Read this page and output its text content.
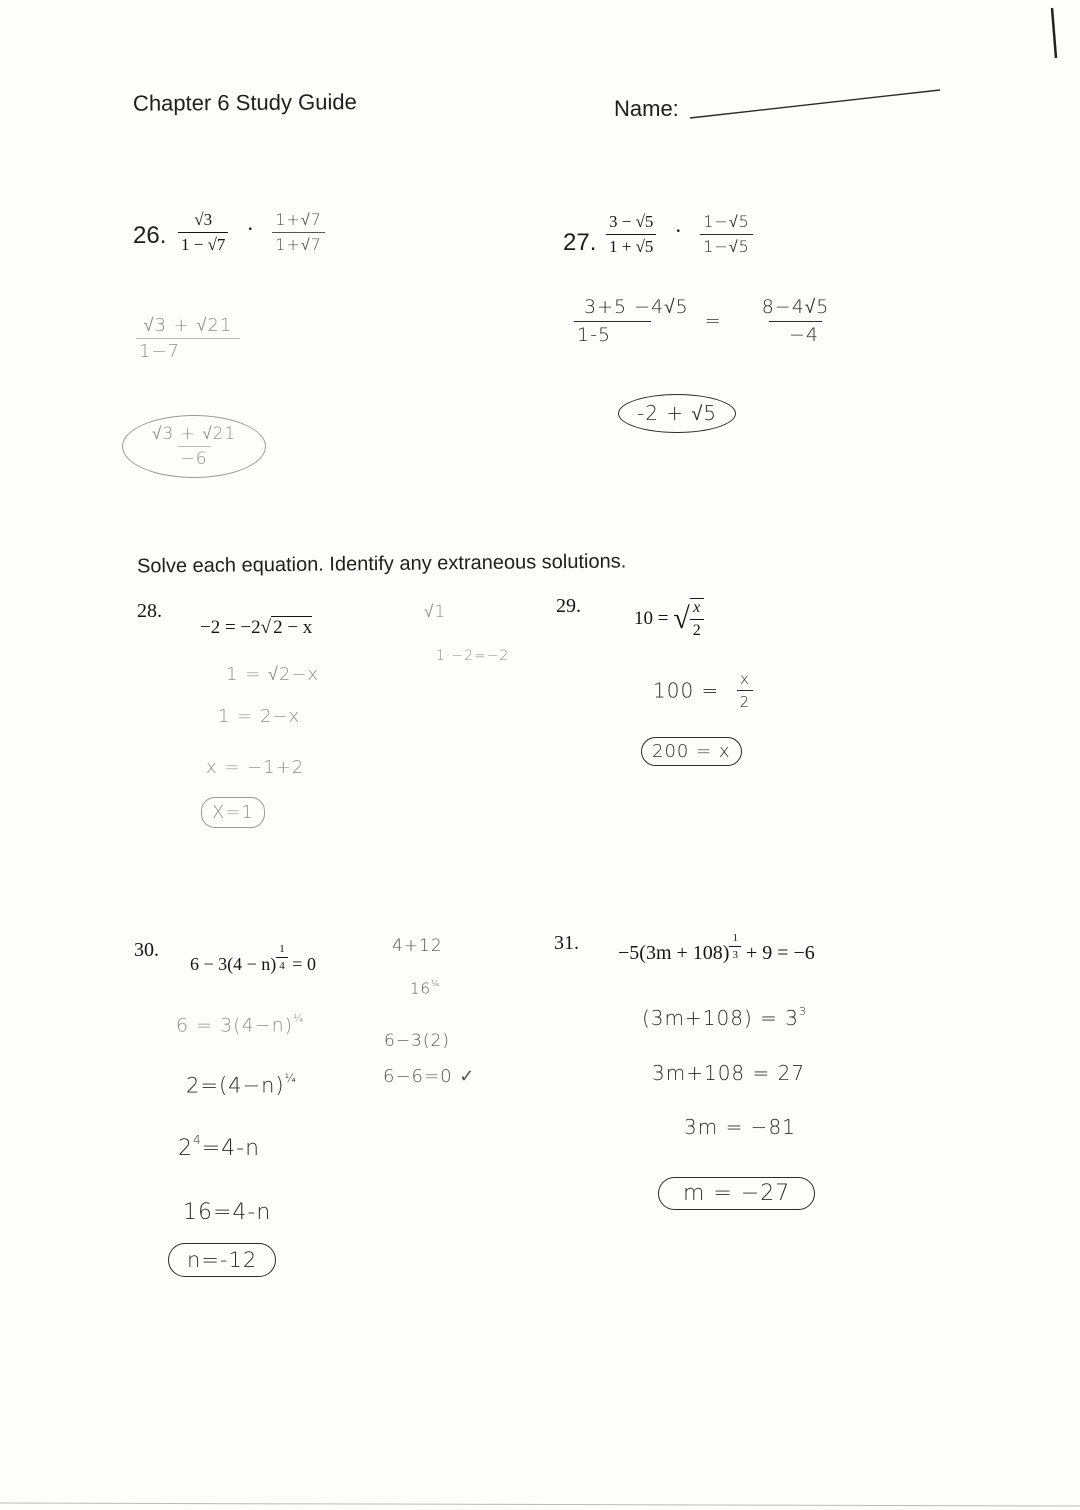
Chapter 6 Study Guide	Name:
26. $\frac{√3}{1 - √7} \cdot \frac{1+√7}{1+√7}$
$\frac{√3 + √21}{1-7}$
$\frac{√3 + √21}{-6}$
27. $\frac{3 - √5}{1 + √5} \cdot \frac{1-√5}{1-√5}$
$\frac{3+5 -4√5}{1-5} = \frac{8-4√5}{-4}$
-2 + √5
Solve each equation. Identify any extraneous solutions.
28.
−2 = −2√ 2 − x
1 = √2−x
1 = 2−x
x = −1+2
X=1
√1
1·−2=−2
29.
10 = √ $\frac{x}{2}$
$100 = \frac{x}{2}$
200 = x
30.
$6 - 3(4 - n) \frac{1}{4} = 0$
$6 = 3(4-n)^{\frac{1}{4}}$
$2=(4-n)^{\frac{1}{4}}$
$2^4=4-n$
16=4-n
n=-12
4+12
$16^{\frac{1}{4}}$
6−3(2)
6−6=0 ✓
31. $-5(3m + 108) \frac{1}{3} + 9 = -6$
$(3m+108) = 3^3$
3m+108 = 27
3m = −81
m = −27
